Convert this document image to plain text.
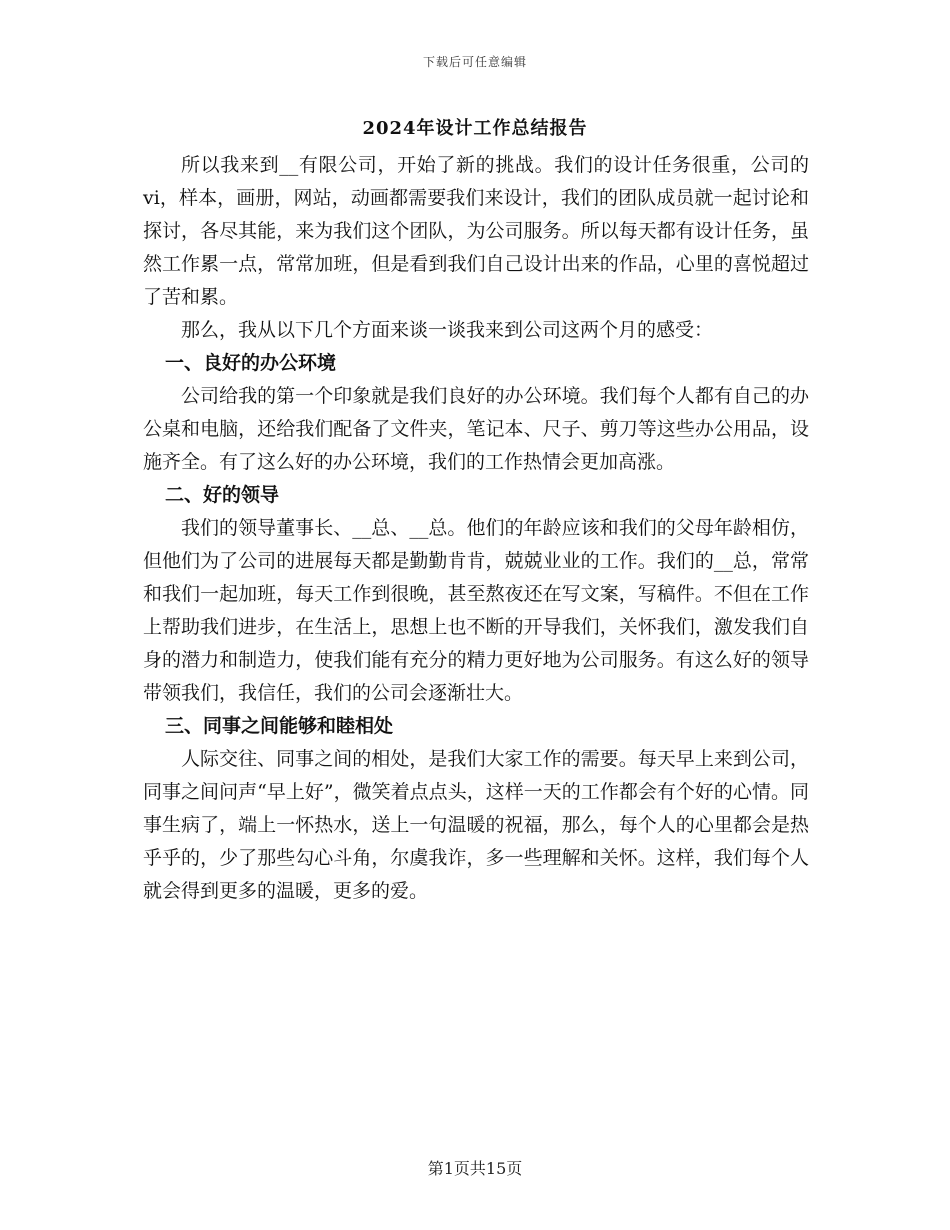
下载后可任意编辑
2024年设计工作总结报告

所以我来到__有限公司，开始了新的挑战。我们的设计任务很重，公司的vi，样本，画册，网站，动画都需要我们来设计，我们的团队成员就一起讨论和探讨，各尽其能，来为我们这个团队，为公司服务。所以每天都有设计任务，虽然工作累一点，常常加班，但是看到我们自己设计出来的作品，心里的喜悦超过了苦和累。

那么，我从以下几个方面来谈一谈我来到公司这两个月的感受：

一、良好的办公环境

公司给我的第一个印象就是我们良好的办公环境。我们每个人都有自己的办公桌和电脑，还给我们配备了文件夹，笔记本、尺子、剪刀等这些办公用品，设施齐全。有了这么好的办公环境，我们的工作热情会更加高涨。

二、好的领导

我们的领导董事长、__总、__总。他们的年龄应该和我们的父母年龄相仿，但他们为了公司的进展每天都是勤勤肯肯，兢兢业业的工作。我们的__总，常常和我们一起加班，每天工作到很晚，甚至熬夜还在写文案，写稿件。不但在工作上帮助我们进步，在生活上，思想上也不断的开导我们，关怀我们，激发我们自身的潜力和制造力，使我们能有充分的精力更好地为公司服务。有这么好的领导带领我们，我信任，我们的公司会逐渐壮大。

三、同事之间能够和睦相处

人际交往、同事之间的相处，是我们大家工作的需要。每天早上来到公司，同事之间问声“早上好”，微笑着点点头，这样一天的工作都会有个好的心情。同事生病了，端上一怀热水，送上一句温暖的祝福，那么，每个人的心里都会是热乎乎的，少了那些勾心斗角，尔虞我诈，多一些理解和关怀。这样，我们每个人就会得到更多的温暖，更多的爱。

第1页共15页
